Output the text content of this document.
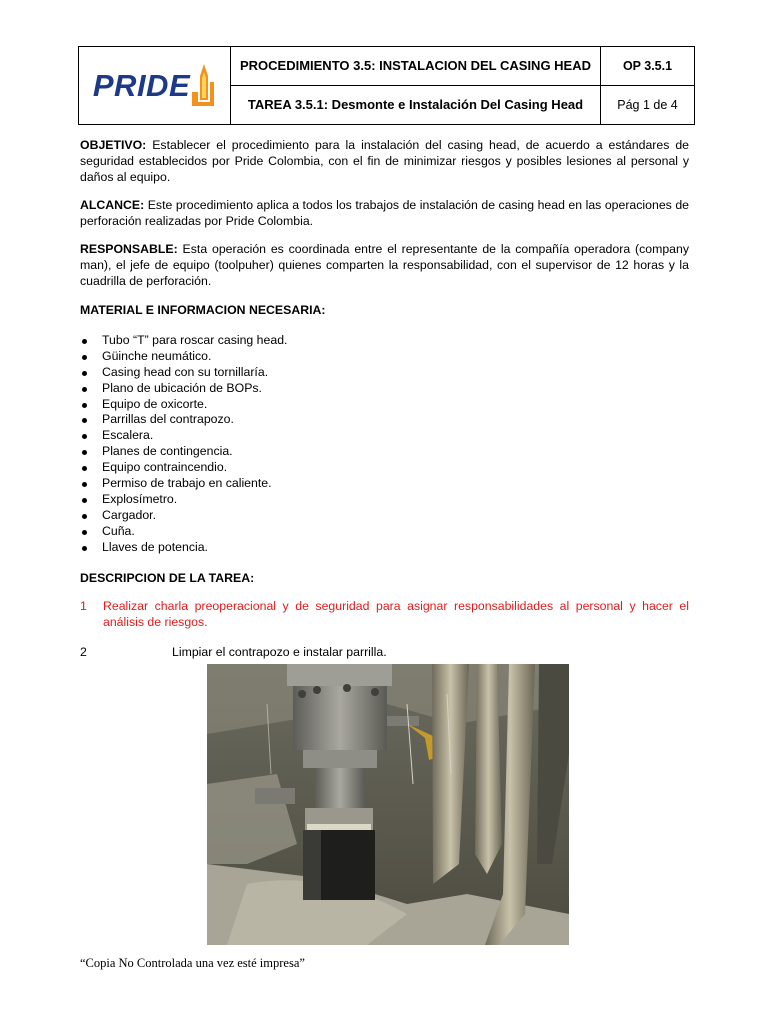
PRIDE	PROCEDIMIENTO 3.5: INSTALACION DEL CASING HEAD	OP 3.5.1
	TAREA 3.5.1: Desmonte e Instalación Del Casing Head	Pág 1 de 4

OBJETIVO: Establecer el procedimiento para la instalación del casing head, de acuerdo a estándares de seguridad establecidos por Pride Colombia, con el fin de minimizar riesgos y posibles lesiones al personal y daños al equipo.

ALCANCE: Este procedimiento aplica a todos los trabajos de instalación de casing head en las operaciones de perforación realizadas por Pride Colombia.

RESPONSABLE: Esta operación es coordinada entre el representante de la compañía operadora (company man), el jefe de equipo (toolpuher) quienes comparten la responsabilidad, con el supervisor de 12 horas y la cuadrilla de perforación.

MATERIAL E INFORMACION NECESARIA:
Tubo “T” para roscar casing head.
Güinche neumático.
Casing head con su tornillaría.
Plano de ubicación de BOPs.
Equipo de oxicorte.
Parrillas del contrapozo.
Escalera.
Planes de contingencia.
Equipo contraincendio.
Permiso de trabajo en caliente.
Explosímetro.
Cargador.
Cuña.
Llaves de potencia.
DESCRIPCION DE LA TAREA:
1	Realizar charla preoperacional y de seguridad para asignar responsabilidades al personal y hacer el análisis de riesgos.
2	Limpiar el contrapozo e instalar parrilla.
“Copia No Controlada una vez esté impresa”
